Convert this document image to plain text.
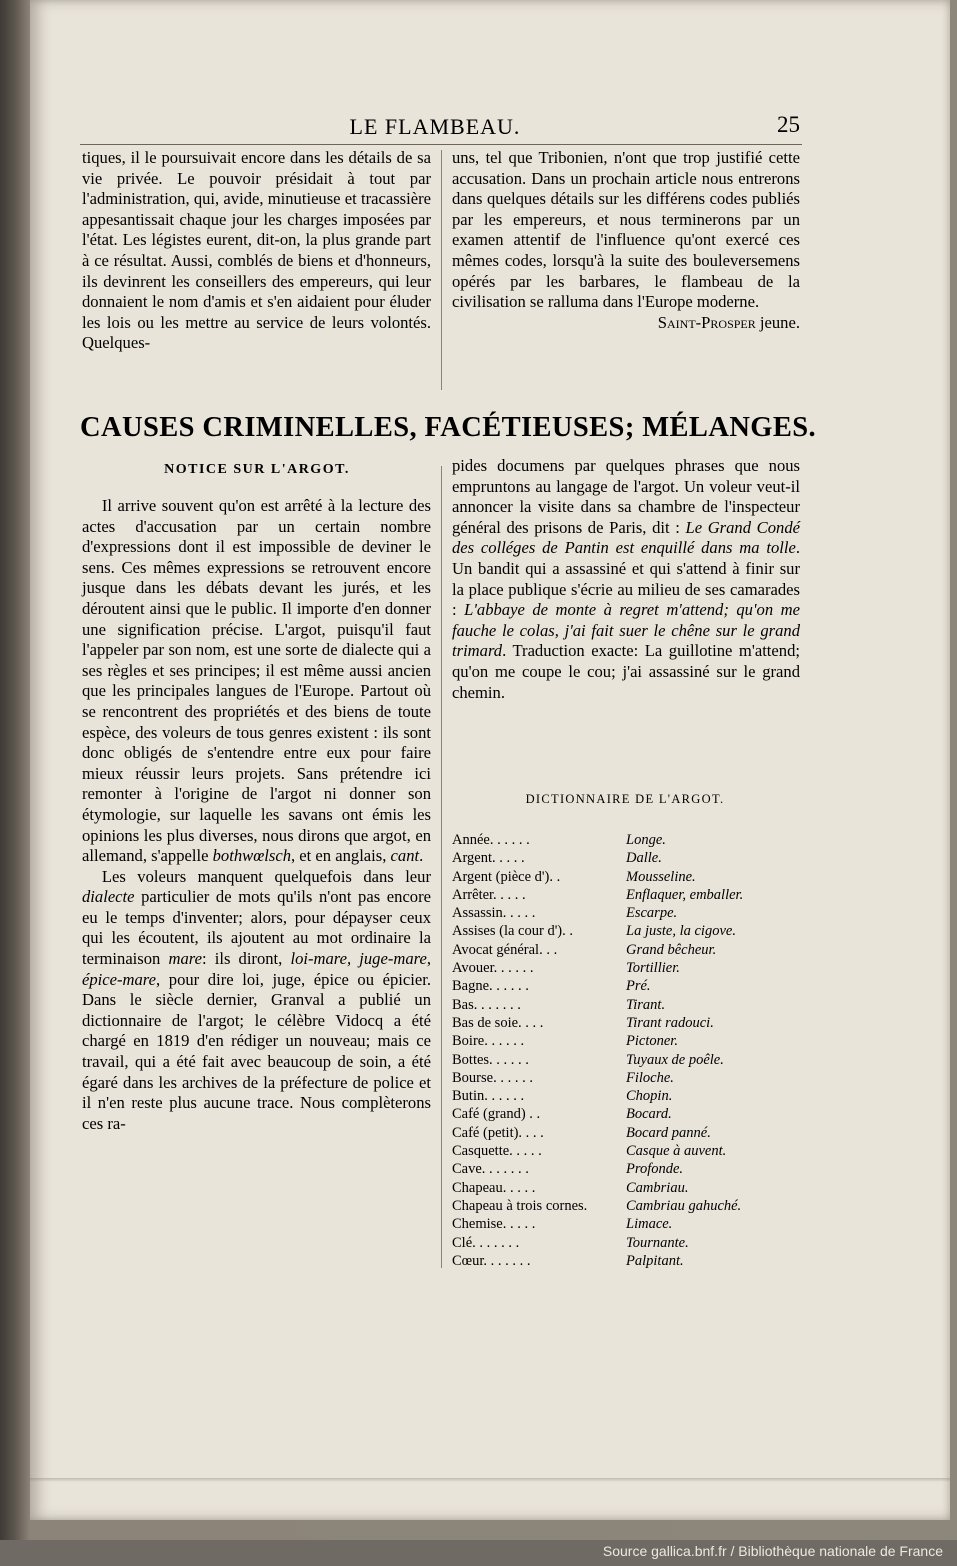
LE FLAMBEAU.	25

tiques, il le poursuivait encore dans les détails de sa vie privée. Le pouvoir présidait à tout par l'administration, qui, avide, minutieuse et tracassière appesantissait chaque jour les charges imposées par l'état. Les légistes eurent, dit-on, la plus grande part à ce résultat. Aussi, comblés de biens et d'honneurs, ils devinrent les conseillers des empereurs, qui leur donnaient le nom d'amis et s'en aidaient pour éluder les lois ou les mettre au service de leurs volontés. Quelques-

uns, tel que Tribonien, n'ont que trop justifié cette accusation. Dans un prochain article nous entrerons dans quelques détails sur les différens codes publiés par les empereurs, et nous terminerons par un examen attentif de l'influence qu'ont exercé ces mêmes codes, lorsqu'à la suite des bouleversemens opérés par les barbares, le flambeau de la civilisation se ralluma dans l'Europe moderne.

Saint-Prosper jeune.

CAUSES CRIMINELLES, FACÉTIEUSES; MÉLANGES.
NOTICE SUR L'ARGOT.

Il arrive souvent qu'on est arrêté à la lecture des actes d'accusation par un certain nombre d'expressions dont il est impossible de deviner le sens. Ces mêmes expressions se retrouvent encore jusque dans les débats devant les jurés, et les déroutent ainsi que le public. Il importe d'en donner une signification précise. L'argot, puisqu'il faut l'appeler par son nom, est une sorte de dialecte qui a ses règles et ses principes; il est même aussi ancien que les principales langues de l'Europe. Partout où se rencontrent des propriétés et des biens de toute espèce, des voleurs de tous genres existent : ils sont donc obligés de s'entendre entre eux pour faire mieux réussir leurs projets. Sans prétendre ici remonter à l'origine de l'argot ni donner son étymologie, sur laquelle les savans ont émis les opinions les plus diverses, nous dirons que argot, en allemand, s'appelle bothwœlsch, et en anglais, cant.

Les voleurs manquent quelquefois dans leur dialecte particulier de mots qu'ils n'ont pas encore eu le temps d'inventer; alors, pour dépayser ceux qui les écoutent, ils ajoutent au mot ordinaire la terminaison mare: ils diront, loi-mare, juge-mare, épice-mare, pour dire loi, juge, épice ou épicier. Dans le siècle dernier, Granval a publié un dictionnaire de l'argot; le célèbre Vidocq a été chargé en 1819 d'en rédiger un nouveau; mais ce travail, qui a été fait avec beaucoup de soin, a été égaré dans les archives de la préfecture de police et il n'en reste plus aucune trace. Nous complèterons ces ra-

pides documens par quelques phrases que nous empruntons au langage de l'argot. Un voleur veut-il annoncer la visite dans sa chambre de l'inspecteur général des prisons de Paris, dit : Le Grand Condé des colléges de Pantin est enquillé dans ma tolle. Un bandit qui a assassiné et qui s'attend à finir sur la place publique s'écrie au milieu de ses camarades : L'abbaye de monte à regret m'attend; qu'on me fauche le colas, j'ai fait suer le chêne sur le grand trimard. Traduction exacte: La guillotine m'attend; qu'on me coupe le cou; j'ai assassiné sur le grand chemin.

DICTIONNAIRE DE L'ARGOT.
Année. . . . . .	Longe.
Argent. . . . .	Dalle.
Argent (pièce d'). .	Mousseline.
Arrêter. . . . .	Enflaquer, emballer.
Assassin. . . . .	Escarpe.
Assises (la cour d'). .	La juste, la cigove.
Avocat général. . .	Grand bêcheur.
Avouer. . . . . .	Tortillier.
Bagne. . . . . .	Pré.
Bas. . . . . . .	Tirant.
Bas de soie. . . .	Tirant radouci.
Boire. . . . . .	Pictoner.
Bottes. . . . . .	Tuyaux de poêle.
Bourse. . . . . .	Filoche.
Butin. . . . . .	Chopin.
Café (grand) . .	Bocard.
Café (petit). . . .	Bocard panné.
Casquette. . . . .	Casque à auvent.
Cave. . . . . . .	Profonde.
Chapeau. . . . .	Cambriau.
Chapeau à trois cornes.	Cambriau gahuché.
Chemise. . . . .	Limace.
Clé. . . . . . .	Tournante.
Cœur. . . . . . .	Palpitant.
Source gallica.bnf.fr / Bibliothèque nationale de France
